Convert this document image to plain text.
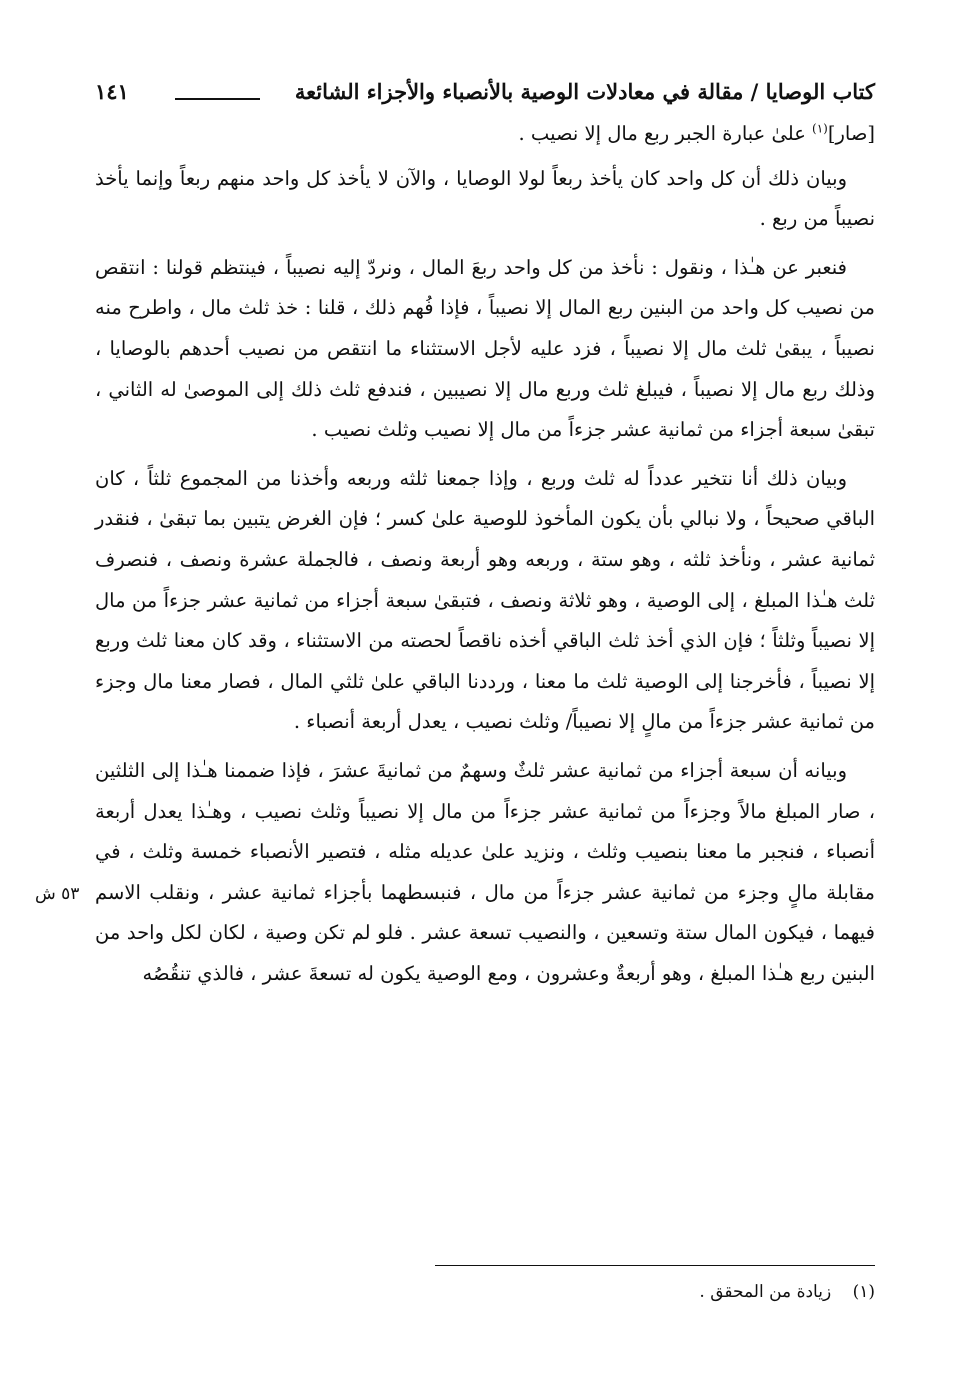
كتاب الوصايا / مقالة في معادلات الوصية بالأنصباء والأجزاء الشائعة
١٤١

[صار]$^{(١)}$ علىٰ عبارة الجبر ربع مال إلا نصيب .

وبيان ذلك أن كل واحد كان يأخذ ربعاً لولا الوصايا ، والآن لا يأخذ كل واحد منهم ربعاً وإنما يأخذ نصيباً من ربع .

فنعبر عن هـٰذا ، ونقول : نأخذ من كل واحد ربعَ المال ، ونردّ إليه نصيباً ، فينتظم قولنا : انتقص من نصيب كل واحد من البنين ربع المال إلا نصيباً ، فإذا فُهم ذلك ، قلنا : خذ ثلث مال ، واطرح منه نصيباً ، يبقىٰ ثلث مال إلا نصيباً ، فزد عليه لأجل الاستثناء ما انتقص من نصيب أحدهم بالوصايا ، وذلك ربع مال إلا نصيباً ، فيبلغ ثلث وربع مال إلا نصيبين ، فندفع ثلث ذلك إلى الموصىٰ له الثاني ، تبقىٰ سبعة أجزاء من ثمانية عشر جزءاً من مال إلا نصيب وثلث نصيب .

وبيان ذلك أنا نتخير عدداً له ثلث وربع ، وإذا جمعنا ثلثه وربعه وأخذنا من المجموع ثلثاً ، كان الباقي صحيحاً ، ولا نبالي بأن يكون المأخوذ للوصية علىٰ كسر ؛ فإن الغرض يتبين بما تبقىٰ ، فنقدر ثمانية عشر ، ونأخذ ثلثه ، وهو ستة ، وربعه وهو أربعة ونصف ، فالجملة عشرة ونصف ، فنصرف ثلث هـٰذا المبلغ ، إلى الوصية ، وهو ثلاثة ونصف ، فتبقىٰ سبعة أجزاء من ثمانية عشر جزءاً من مال إلا نصيباً وثلثاً ؛ فإن الذي أخذ ثلث الباقي أخذه ناقصاً لحصته من الاستثناء ، وقد كان معنا ثلث وربع إلا نصيباً ، فأخرجنا إلى الوصية ثلث ما معنا ، ورددنا الباقي علىٰ ثلثي المال ، فصار معنا مال وجزء من ثمانية عشر جزءاً من مالٍ إلا نصيباً/ وثلث نصيب ، يعدل أربعة أنصباء .

وبيانه أن سبعة أجزاء من ثمانية عشر ثلثٌ وسهمٌ من ثمانيةَ عشرَ ، فإذا ضممنا هـٰذا إلى الثلثين ، صار المبلغ مالاً وجزءاً من ثمانية عشر جزءاً من مال إلا نصيباً وثلث نصيب ، وهـٰذا يعدل أربعة أنصباء ، فنجبر ما معنا بنصيب وثلث ، ونزيد علىٰ عديله مثله ، فتصير الأنصباء خمسة وثلث ، في مقابلة مالٍ وجزء من ثمانية عشر جزءاً من مال ، فنبسطهما بأجزاء ثمانية عشر ، ونقلب الاسم فيهما ، فيكون المال ستة وتسعين ، والنصيب تسعة عشر . فلو لم تكن وصية ، لكان لكل واحد من البنين ربع هـٰذا المبلغ ، وهو أربعةٌ وعشرون ، ومع الوصية يكون له تسعةَ عشر ، فالذي تنقُصُه

٥٣ ش
(١) زيادة من المحقق .
